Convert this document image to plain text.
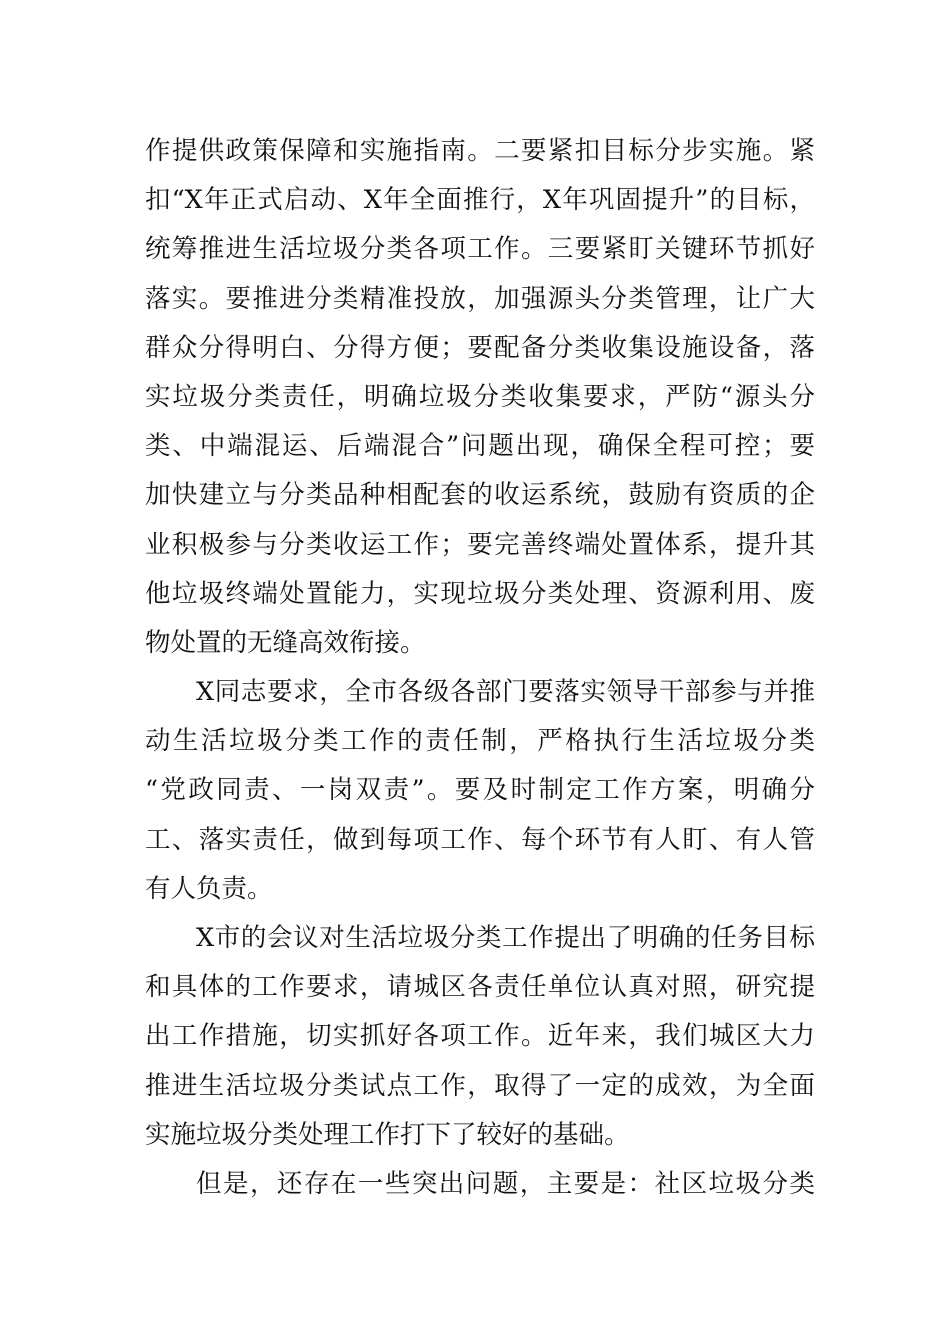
作提供政策保障和实施指南。二要紧扣目标分步实施。紧
扣“X年正式启动、X年全面推行，X年巩固提升”的目标，
统筹推进生活垃圾分类各项工作。三要紧盯关键环节抓好
落实。要推进分类精准投放，加强源头分类管理，让广大
群众分得明白、分得方便；要配备分类收集设施设备，落
实垃圾分类责任，明确垃圾分类收集要求，严防“源头分
类、中端混运、后端混合”问题出现，确保全程可控；要
加快建立与分类品种相配套的收运系统，鼓励有资质的企
业积极参与分类收运工作；要完善终端处置体系，提升其
他垃圾终端处置能力，实现垃圾分类处理、资源利用、废
物处置的无缝高效衔接。
X同志要求，全市各级各部门要落实领导干部参与并推
动生活垃圾分类工作的责任制，严格执行生活垃圾分类
“党政同责、一岗双责”。要及时制定工作方案，明确分
工、落实责任，做到每项工作、每个环节有人盯、有人管
有人负责。
X市的会议对生活垃圾分类工作提出了明确的任务目标
和具体的工作要求，请城区各责任单位认真对照，研究提
出工作措施，切实抓好各项工作。近年来，我们城区大力
推进生活垃圾分类试点工作，取得了一定的成效，为全面
实施垃圾分类处理工作打下了较好的基础。
但是，还存在一些突出问题，主要是：社区垃圾分类
